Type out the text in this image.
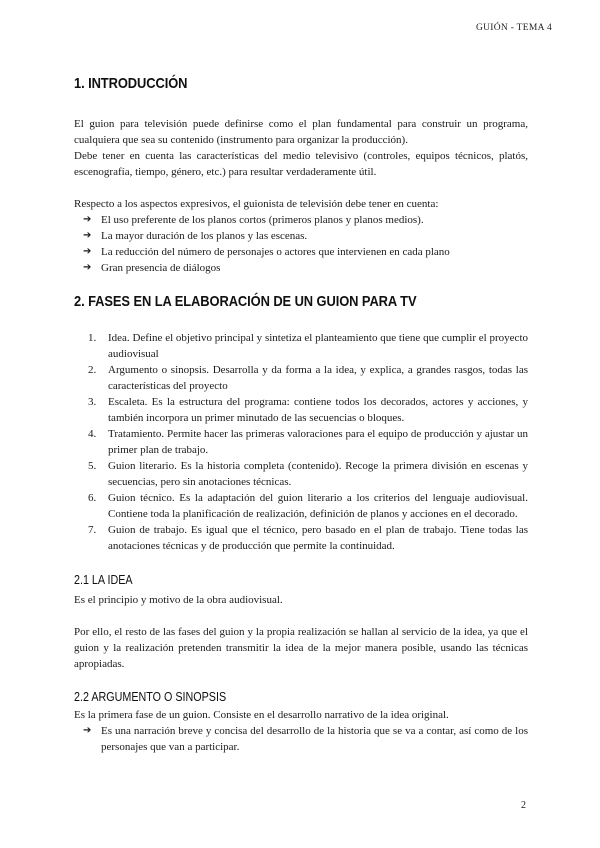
GUIÓN - TEMA 4
1. INTRODUCCIÓN

El guion para televisión puede definirse como el plan fundamental para construir un programa, cualquiera que sea su contenido (instrumento para organizar la producción).

Debe tener en cuenta las características del medio televisivo (controles, equipos técnicos, platós, escenografía, tiempo, género, etc.) para resultar verdaderamente útil.

Respecto a los aspectos expresivos, el guionista de televisión debe tener en cuenta:

➔ El uso preferente de los planos cortos (primeros planos y planos medios).
➔ La mayor duración de los planos y las escenas.
➔ La reducción del número de personajes o actores que intervienen en cada plano
➔ Gran presencia de diálogos
2. FASES EN LA ELABORACIÓN DE UN GUION PARA TV
1. Idea. Define el objetivo principal y sintetiza el planteamiento que tiene que cumplir el proyecto audiovisual
2. Argumento o sinopsis. Desarrolla y da forma a la idea, y explica, a grandes rasgos, todas las características del proyecto
3. Escaleta. Es la estructura del programa: contiene todos los decorados, actores y acciones, y también incorpora un primer minutado de las secuencias o bloques.
4. Tratamiento. Permite hacer las primeras valoraciones para el equipo de producción y ajustar un primer plan de trabajo.
5. Guion literario. Es la historia completa (contenido). Recoge la primera división en escenas y secuencias, pero sin anotaciones técnicas.
6. Guion técnico. Es la adaptación del guion literario a los criterios del lenguaje audiovisual. Contiene toda la planificación de realización, definición de planos y acciones en el decorado.
7. Guion de trabajo. Es igual que el técnico, pero basado en el plan de trabajo. Tiene todas las anotaciones técnicas y de producción que permite la continuidad.
2.1 LA IDEA

Es el principio y motivo de la obra audiovisual.

Por ello, el resto de las fases del guion y la propia realización se hallan al servicio de la idea, ya que el guion y la realización pretenden transmitir la idea de la mejor manera posible, usando las técnicas apropiadas.

2.2 ARGUMENTO O SINOPSIS

Es la primera fase de un guion. Consiste en el desarrollo narrativo de la idea original.

➔ Es una narración breve y concisa del desarrollo de la historia que se va a contar, así como de los personajes que van a participar.
2
